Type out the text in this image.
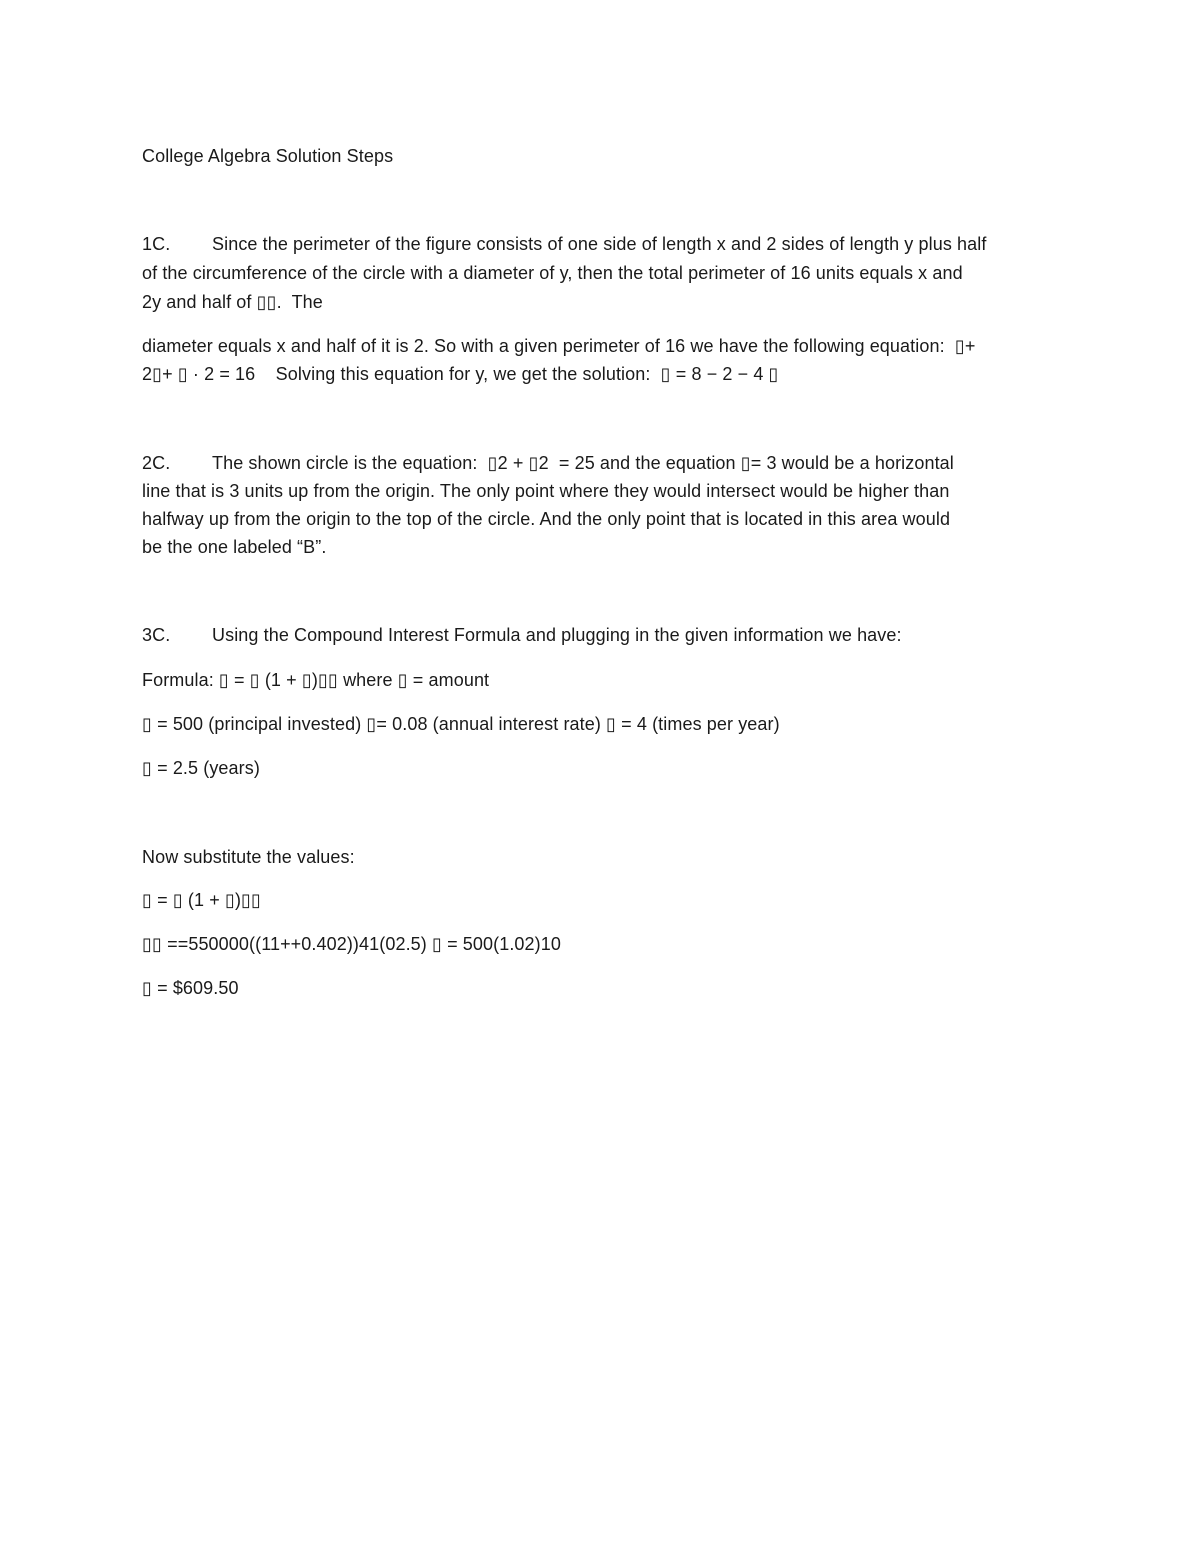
College Algebra Solution Steps
1C. Since the perimeter of the figure consists of one side of length x and 2 sides of length y plus half
of the circumference of the circle with a diameter of y, then the total perimeter of 16 units equals x and
2y and half of ▯▯.  The
diameter equals x and half of it is 2. So with a given perimeter of 16 we have the following equation:  ▯+
2▯+ ▯ · 2 = 16    Solving this equation for y, we get the solution:  ▯ = 8 − 2 − 4 ▯
2C. The shown circle is the equation:  ▯2 + ▯2  = 25 and the equation ▯= 3 would be a horizontal
line that is 3 units up from the origin. The only point where they would intersect would be higher than
halfway up from the origin to the top of the circle. And the only point that is located in this area would
be the one labeled “B”.
3C. Using the Compound Interest Formula and plugging in the given information we have:
Formula: ▯ = ▯ (1 + ▯)▯▯ where ▯ = amount
▯ = 500 (principal invested) ▯= 0.08 (annual interest rate) ▯ = 4 (times per year)
▯ = 2.5 (years)
Now substitute the values:
▯ = ▯ (1 + ▯)▯▯
▯▯ ==550000((11++0.402))41(02.5) ▯ = 500(1.02)10
▯ = $609.50
